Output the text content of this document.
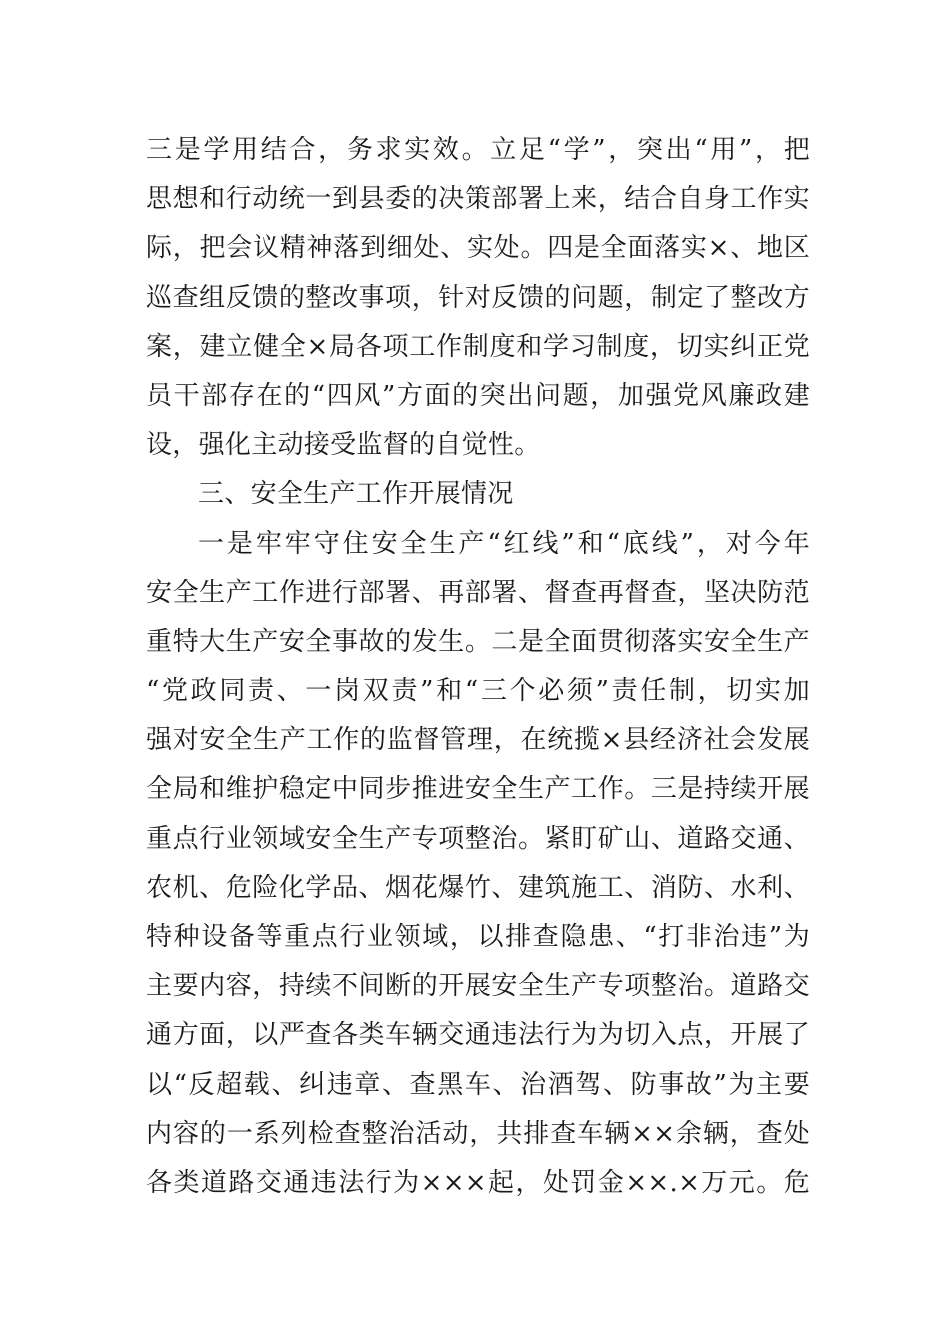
三是学用结合，务求实效。立足“学”，突出“用”，把
思想和行动统一到县委的决策部署上来，结合自身工作实
际，把会议精神落到细处、实处。四是全面落实×、地区
巡查组反馈的整改事项，针对反馈的问题，制定了整改方
案，建立健全×局各项工作制度和学习制度，切实纠正党
员干部存在的“四风”方面的突出问题，加强党风廉政建
设，强化主动接受监督的自觉性。
三、安全生产工作开展情况
一是牢牢守住安全生产“红线”和“底线”，对今年
安全生产工作进行部署、再部署、督查再督查，坚决防范
重特大生产安全事故的发生。二是全面贯彻落实安全生产
“党政同责、一岗双责”和“三个必须”责任制，切实加
强对安全生产工作的监督管理，在统揽×县经济社会发展
全局和维护稳定中同步推进安全生产工作。三是持续开展
重点行业领域安全生产专项整治。紧盯矿山、道路交通、
农机、危险化学品、烟花爆竹、建筑施工、消防、水利、
特种设备等重点行业领域，以排查隐患、“打非治违”为
主要内容，持续不间断的开展安全生产专项整治。道路交
通方面，以严查各类车辆交通违法行为为切入点，开展了
以“反超载、纠违章、查黑车、治酒驾、防事故”为主要
内容的一系列检查整治活动，共排查车辆××余辆，查处
各类道路交通违法行为×××起，处罚金××.×万元。危
